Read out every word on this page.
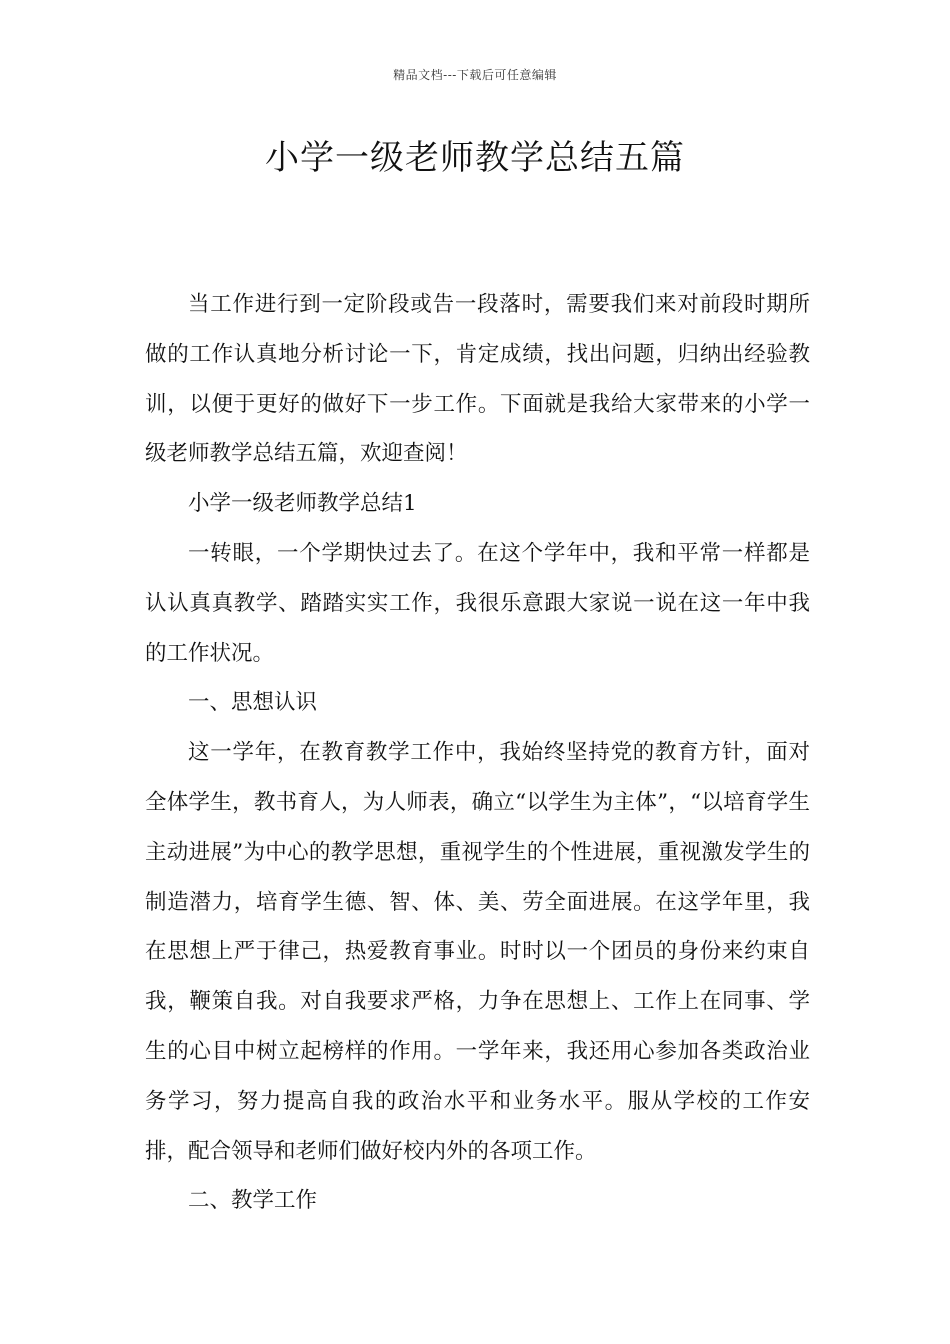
精品文档---下载后可任意编辑
小学一级老师教学总结五篇

当工作进行到一定阶段或告一段落时，需要我们来对前段时期所做的工作认真地分析讨论一下，肯定成绩，找出问题，归纳出经验教训，以便于更好的做好下一步工作。下面就是我给大家带来的小学一级老师教学总结五篇，欢迎查阅！

小学一级老师教学总结1

一转眼，一个学期快过去了。在这个学年中，我和平常一样都是认认真真教学、踏踏实实工作，我很乐意跟大家说一说在这一年中我的工作状况。

一、思想认识

这一学年，在教育教学工作中，我始终坚持党的教育方针，面对全体学生，教书育人，为人师表，确立“以学生为主体”，“以培育学生主动进展”为中心的教学思想，重视学生的个性进展，重视激发学生的制造潜力，培育学生德、智、体、美、劳全面进展。在这学年里，我在思想上严于律己，热爱教育事业。时时以一个团员的身份来约束自我，鞭策自我。对自我要求严格，力争在思想上、工作上在同事、学生的心目中树立起榜样的作用。一学年来，我还用心参加各类政治业务学习，努力提高自我的政治水平和业务水平。服从学校的工作安排，配合领导和老师们做好校内外的各项工作。

二、教学工作
